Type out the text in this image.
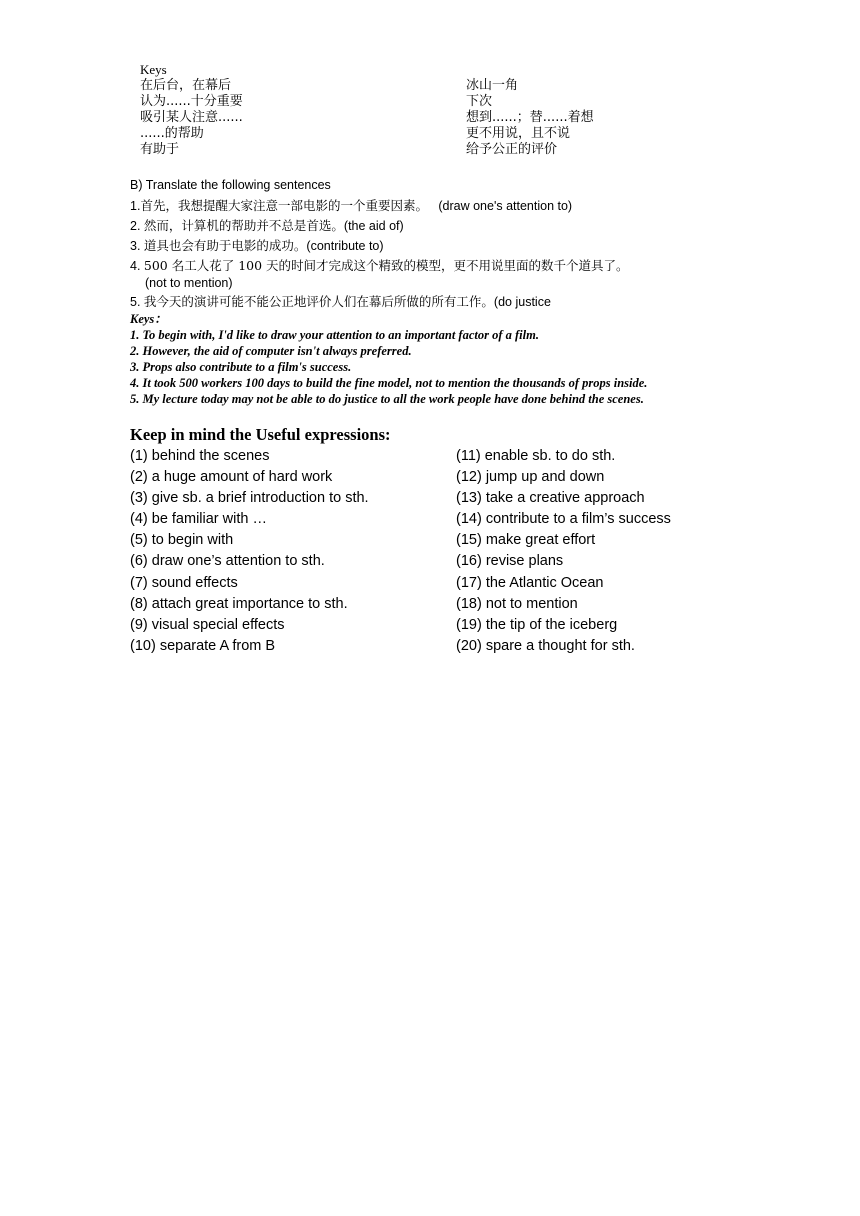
Keys
在后台，在幕后
认为......十分重要
吸引某人注意......
......的帮助
有助于
冰山一角
下次
想到......；替......着想
更不用说，且不说
给予公正的评价
B) Translate the following sentences
1.首先，我想提醒大家注意一部电影的一个重要因素。 (draw one's attention to)
2. 然而，计算机的帮助并不总是首选。(the aid of)
3. 道具也会有助于电影的成功。(contribute to)
4. 500 名工人花了 100 天的时间才完成这个精致的模型，更不用说里面的数千个道具了。
(not to mention)
5. 我今天的演讲可能不能公正地评价人们在幕后所做的所有工作。(do justice
Keys：
1. To begin with, I'd like to draw your attention to an important factor of a film.
2. However, the aid of computer isn't always preferred.
3. Props also contribute to a film's success.
4. It took 500 workers 100 days to build the fine model, not to mention the thousands of props inside.
5. My lecture today may not be able to do justice to all the work people have done behind the scenes.
Keep in mind the Useful expressions:
(1) behind the scenes
(2) a huge amount of hard work
(3) give sb. a brief introduction to sth.
(4) be familiar with …
(5) to begin with
(6) draw one’s attention to sth.
(7) sound effects
(8) attach great importance to sth.
(9) visual special effects
(10) separate A from B
(11) enable sb. to do sth.
(12) jump up and down
(13) take a creative approach
(14) contribute to a film’s success
(15) make great effort
(16) revise plans
(17) the Atlantic Ocean
(18) not to mention
(19) the tip of the iceberg
(20) spare a thought for sth.
